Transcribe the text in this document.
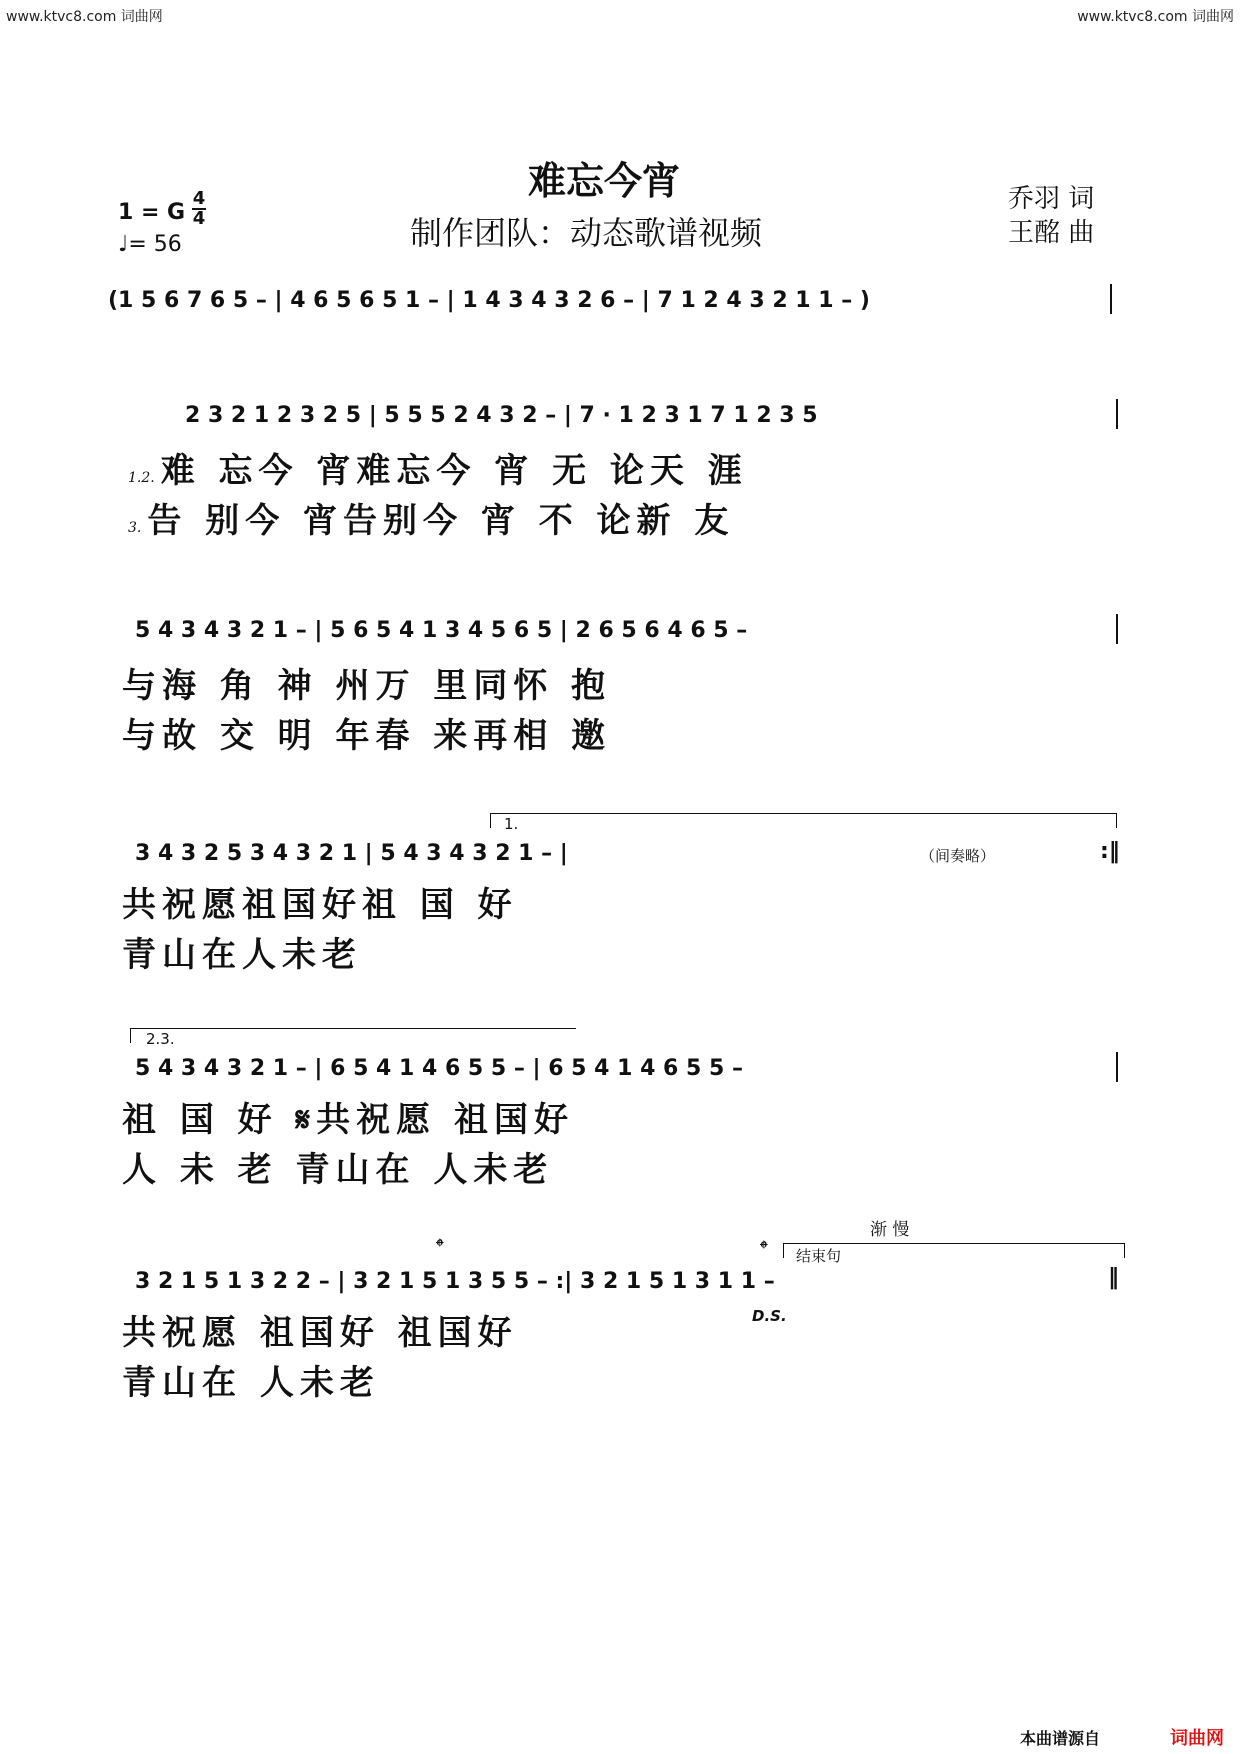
www.ktvc8.com 词曲网	www.ktvc8.com 词曲网
难忘今宵
制作团队：动态歌谱视频
乔羽 词
王酩 曲
1 = G
4
4
♩= 56
(1 5 6 7 6 5 – | 4 6 5 6 5 1 – | 1 4 3 4 3 2 6 – | 7 1 2 4 3 2 1 1 – )
2 3 2 1 2 3 2 5 | 5 5 5 2 4 3 2 – | 7 · 1 2 3 1 7 1 2 3 5
1.2. 难 忘今 宵难忘今 宵 无 论天 涯
3. 告 别今 宵告别今 宵 不 论新 友
5 4 3 4 3 2 1 – | 5 6 5 4 1 3 4 5 6 5 | 2 6 5 6 4 6 5 –
与海 角 神 州万 里同怀 抱
与故 交 明 年春 来再相 邀
1.
3 4 3 2 5 3 4 3 2 1 | 5 4 3 4 3 2 1 – |	（间奏略）	:‖
共祝愿祖国好祖 国 好
青山在人未老
2.3.
5 4 3 4 3 2 1 – | 6 5 4 1 4 6 5 5 – | 6 5 4 1 4 6 5 5 –
祖 国 好 𝄋共祝愿 祖国好
人 未 老 青山在 人未老
渐 慢
𝄌	𝄌 结束句
3 2 1 5 1 3 2 2 – | 3 2 1 5 1 3 5 5 – :| 3 2 1 5 1 3 1 1 –	‖
D.S.
共祝愿 祖国好 祖国好
青山在 人未老
本曲谱源自	词曲网
